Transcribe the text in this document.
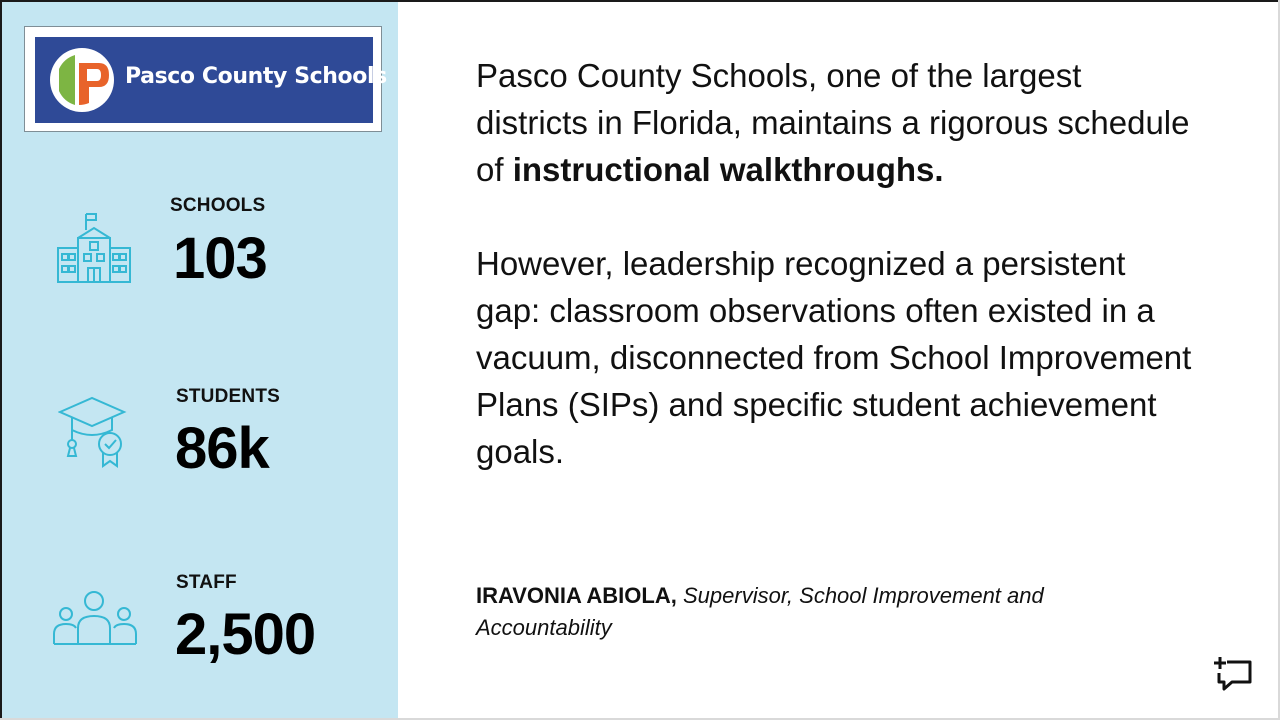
Pasco County Schools
SCHOOLS
103
STUDENTS
86k
STAFF
2,500

Pasco County Schools, one of the largest districts in Florida, maintains a rigorous schedule of instructional walkthroughs.

However, leadership recognized a persistent gap: classroom observations often existed in a vacuum, disconnected from School Improvement Plans (SIPs) and specific student achievement goals.

IRAVONIA ABIOLA, Supervisor, School Improvement and Accountability
